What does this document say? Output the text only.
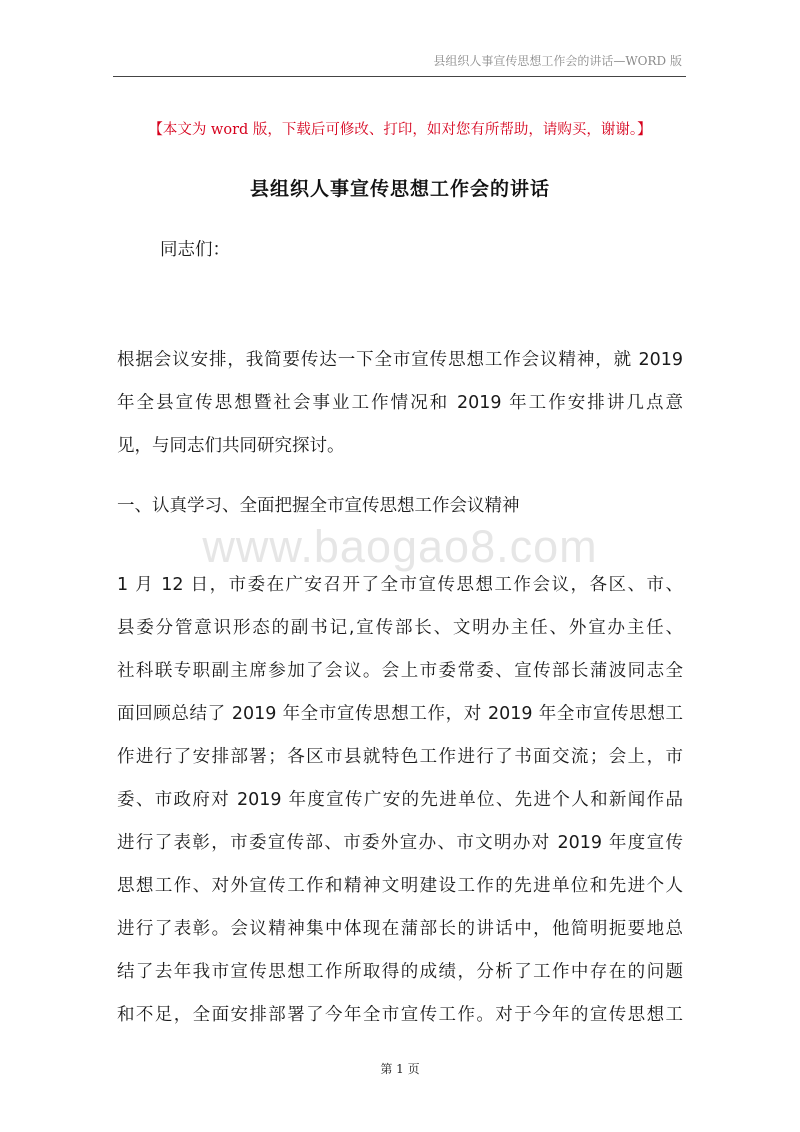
县组织人事宣传思想工作会的讲话—WORD 版
【本文为 word 版，下载后可修改、打印，如对您有所帮助，请购买，谢谢。】
县组织人事宣传思想工作会的讲话
同志们：
根据会议安排，我简要传达一下全市宣传思想工作会议精神，就 2019
年全县宣传思想暨社会事业工作情况和 2019 年工作安排讲几点意
见，与同志们共同研究探讨。
一、认真学习、全面把握全市宣传思想工作会议精神
www.baogao8.com
1 月 12 日，市委在广安召开了全市宣传思想工作会议，各区、市、
县委分管意识形态的副书记,宣传部长、文明办主任、外宣办主任、
社科联专职副主席参加了会议。会上市委常委、宣传部长蒲波同志全
面回顾总结了 2019 年全市宣传思想工作，对 2019 年全市宣传思想工
作进行了安排部署；各区市县就特色工作进行了书面交流；会上，市
委、市政府对 2019 年度宣传广安的先进单位、先进个人和新闻作品
进行了表彰，市委宣传部、市委外宣办、市文明办对 2019 年度宣传
思想工作、对外宣传工作和精神文明建设工作的先进单位和先进个人
进行了表彰。会议精神集中体现在蒲部长的讲话中，他简明扼要地总
结了去年我市宣传思想工作所取得的成绩，分析了工作中存在的问题
和不足，全面安排部署了今年全市宣传工作。对于今年的宣传思想工
第 1 页
